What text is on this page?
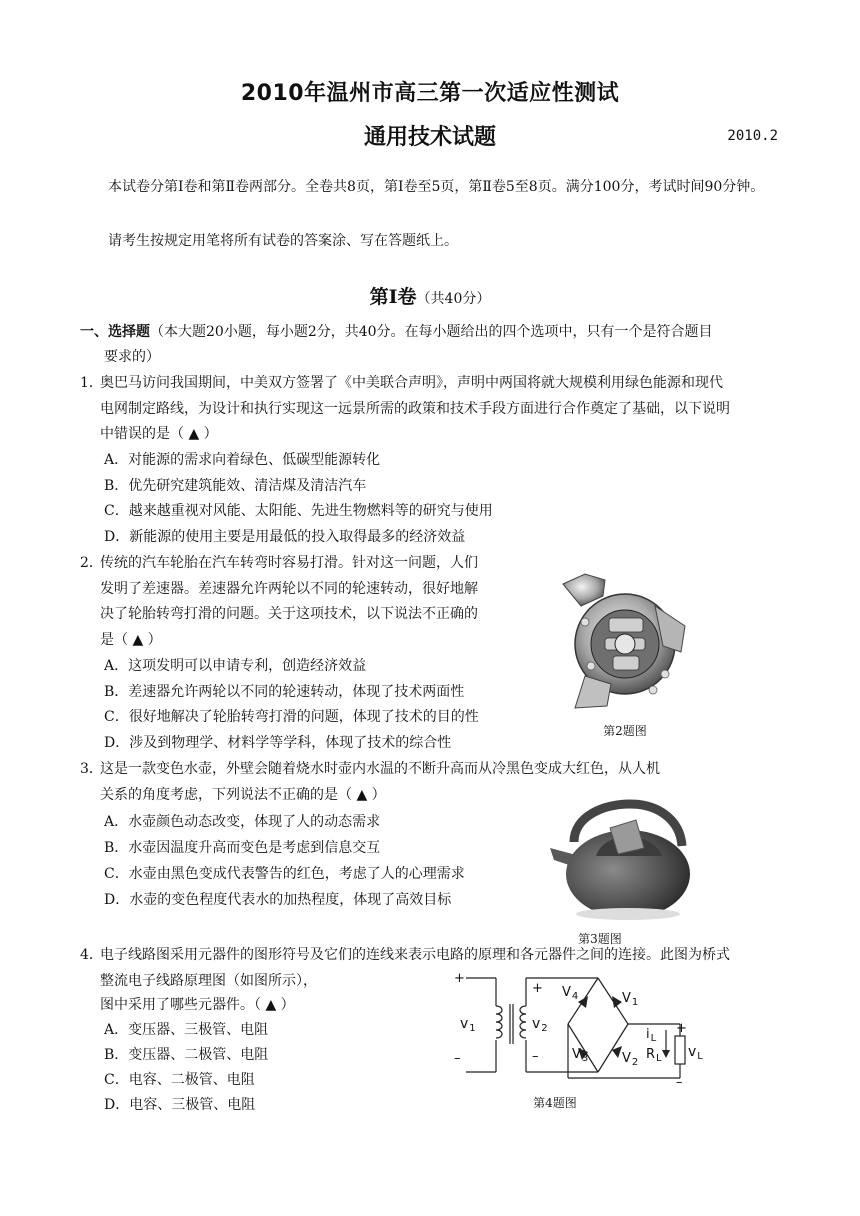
2010年温州市高三第一次适应性测试
通用技术试题	2010.2
本试卷分第Ⅰ卷和第Ⅱ卷两部分。全卷共8页，第Ⅰ卷至5页，第Ⅱ卷5至8页。满分100分，考试时间90分钟。
请考生按规定用笔将所有试卷的答案涂、写在答题纸上。
第Ⅰ卷（共40分）
一、选择题（本大题20小题，每小题2分，共40分。在每小题给出的四个选项中，只有一个是符合题目
要求的）
1．
奥巴马访问我国期间，中美双方签署了《中美联合声明》，声明中两国将就大规模利用绿色能源和现代
电网制定路线，为设计和执行实现这一远景所需的政策和技术手段方面进行合作奠定了基础，以下说明
中错误的是（ ▲ ）
A．对能源的需求向着绿色、低碳型能源转化
B．优先研究建筑能效、清洁煤及清洁汽车
C．越来越重视对风能、太阳能、先进生物燃料等的研究与使用
D．新能源的使用主要是用最低的投入取得最多的经济效益
2．
传统的汽车轮胎在汽车转弯时容易打滑。针对这一问题，人们
发明了差速器。差速器允许两轮以不同的轮速转动，很好地解
决了轮胎转弯打滑的问题。关于这项技术，以下说法不正确的
是（ ▲ ）
A．这项发明可以申请专利，创造经济效益
B．差速器允许两轮以不同的轮速转动，体现了技术两面性
C．很好地解决了轮胎转弯打滑的问题，体现了技术的目的性
D．涉及到物理学、材料学等学科，体现了技术的综合性
第2题图
3．
这是一款变色水壶，外壁会随着烧水时壶内水温的不断升高而从冷黑色变成大红色，从人机
关系的角度考虑，下列说法不正确的是（ ▲ ）
A．水壶颜色动态改变，体现了人的动态需求
B．水壶因温度升高而变色是考虑到信息交互
C．水壶由黑色变成代表警告的红色，考虑了人的心理需求
D．水壶的变色程度代表水的加热程度，体现了高效目标
第3题图
4．
电子线路图采用元器件的图形符号及它们的连线来表示电路的原理和各元器件之间的连接。此图为桥式
整流电子线路原理图（如图所示），
图中采用了哪些元器件。（ ▲ ）
A．变压器、三极管、电阻
B．变压器、二极管、电阻
C．电容、二极管、电阻
D．电容、三极管、电阻
+
–
$v_1$
+
–
$v_2$
$V_4$	$V_1$
$V_3$	$V_2$
$i_L$
$R_L$
+
–
$v_L$
第4题图
